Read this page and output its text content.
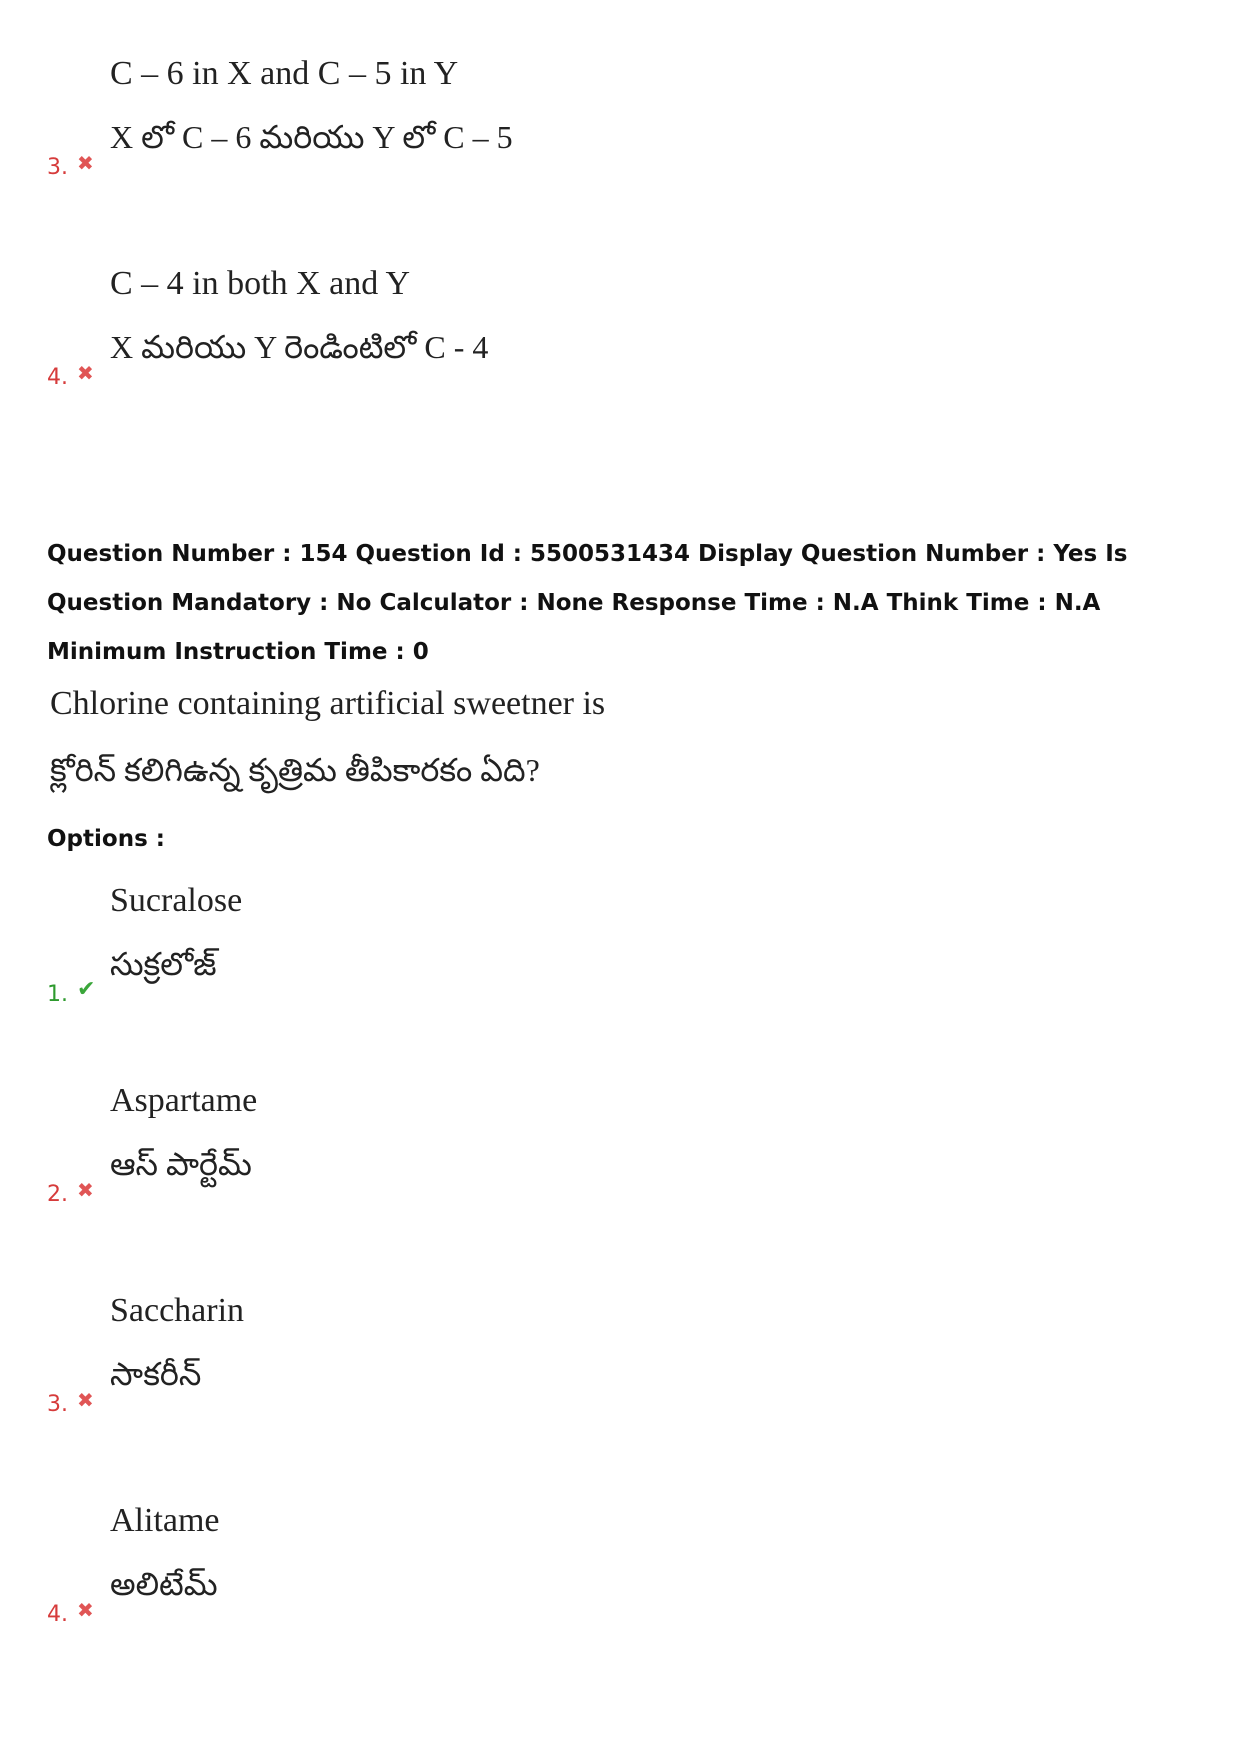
C – 6 in X and C – 5 in Y
X లో C – 6 మరియు Y లో C – 5
3. ✖
C – 4 in both X and Y
X మరియు Y రెండింటిలో C - 4
4. ✖
Question Number : 154 Question Id : 5500531434 Display Question Number : Yes Is Question Mandatory : No Calculator : None Response Time : N.A Think Time : N.A Minimum Instruction Time : 0
Chlorine containing artificial sweetner is
క్లోరిన్ కలిగిఉన్న కృత్రిమ తీపికారకం ఏది?
Options :
Sucralose
సుక్రలోజ్
1. ✔
Aspartame
ఆస్ పార్టేమ్
2. ✖
Saccharin
సాకరీన్
3. ✖
Alitame
అలిటేమ్
4. ✖
